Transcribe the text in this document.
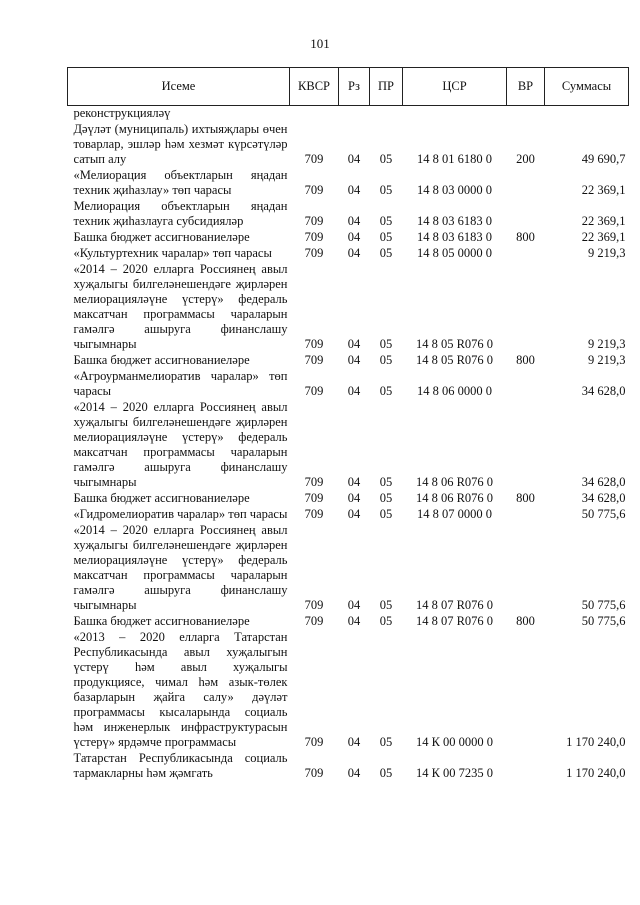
101
Исеме	КВСР	Рз	ПР	ЦСР	ВР	Суммасы
реконструкцияләү						
Дәүләт (муниципаль) ихтыяҗлары өчен товарлар, эшләр һәм хезмәт күрсәтүләр сатып алу	709	04	05	14 8 01 6180 0	200	49 690,7
«Мелиорация объектларын яңадан техник җиһазлау» төп чарасы	709	04	05	14 8 03 0000 0		22 369,1
Мелиорация объектларын яңадан техник җиһазлауга субсидияләр	709	04	05	14 8 03 6183 0		22 369,1
Башка бюджет ассигнованиеләре	709	04	05	14 8 03 6183 0	800	22 369,1
«Культуртехник чаралар» төп чарасы	709	04	05	14 8 05 0000 0		9 219,3
«2014 – 2020 елларга Россиянең авыл хуҗалыгы билгеләнешендәге җирләрен мелиорацияләүне үстерү» федераль максатчан программасы чараларын гамәлгә ашыруга финанслашу чыгымнары	709	04	05	14 8 05 R076 0		9 219,3
Башка бюджет ассигнованиеләре	709	04	05	14 8 05 R076 0	800	9 219,3
«Агроурманмелиоратив чаралар» төп чарасы	709	04	05	14 8 06 0000 0		34 628,0
«2014 – 2020 елларга Россиянең авыл хуҗалыгы билгеләнешендәге җирләрен мелиорацияләүне үстерү» федераль максатчан программасы чараларын гамәлгә ашыруга финанслашу чыгымнары	709	04	05	14 8 06 R076 0		34 628,0
Башка бюджет ассигнованиеләре	709	04	05	14 8 06 R076 0	800	34 628,0
«Гидромелиоратив чаралар» төп чарасы	709	04	05	14 8 07 0000 0		50 775,6
«2014 – 2020 елларга Россиянең авыл хуҗалыгы билгеләнешендәге җирләрен мелиорацияләүне үстерү» федераль максатчан программасы чараларын гамәлгә ашыруга финанслашу чыгымнары	709	04	05	14 8 07 R076 0		50 775,6
Башка бюджет ассигнованиеләре	709	04	05	14 8 07 R076 0	800	50 775,6
«2013 – 2020 елларга Татарстан Республикасында авыл хуҗалыгын үстерү һәм авыл хуҗалыгы продукциясе, чимал һәм азык-төлек базарларын җайга салу» дәүләт программасы кысаларында социаль һәм инженерлык инфраструктурасын үстерү» ярдәмче программасы	709	04	05	14 К 00 0000 0		1 170 240,0
Татарстан Республикасында социаль тармакларны һәм җәмгать	709	04	05	14 К 00 7235 0		1 170 240,0
